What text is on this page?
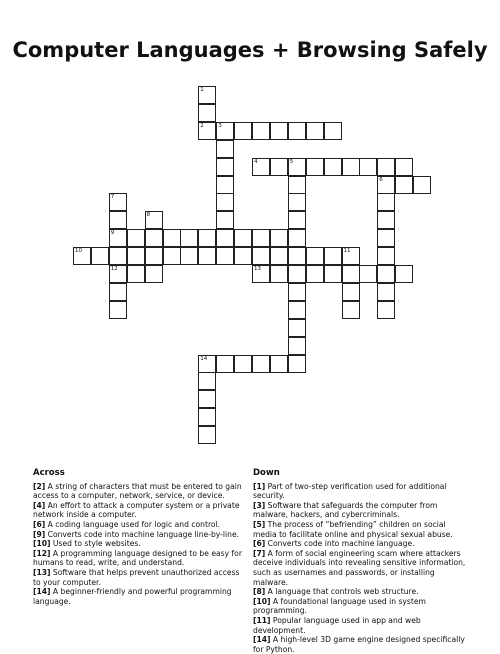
Computer Languages + Browsing Safely
1
2	3
4	5
6
7
9
12
8
10	11
13
14
Across

[2] A string of characters that must be entered to gain access to a computer, network, service, or device.

[4] An effort to attack a computer system or a private network inside a computer.

[6] A coding language used for logic and control.

[9] Converts code into machine language line-by-line.

[10] Used to style websites.

[12] A programming language designed to be easy for humans to read, write, and understand.

[13] Software that helps prevent unauthorized access to your computer.

[14] A beginner-friendly and powerful programming language.

Down

[1] Part of two-step verification used for additional security.

[3] Software that safeguards the computer from malware, hackers, and cybercriminals.

[5] The process of “befriending” children on social media to facilitate online and physical sexual abuse.

[6] Converts code into machine language.

[7] A form of social engineering scam where attackers deceive individuals into revealing sensitive information, such as usernames and passwords, or installing malware.

[8] A language that controls web structure.

[10] A foundational language used in system programming.

[11] Popular language used in app and web development.

[14] A high-level 3D game engine designed specifically for Python.
